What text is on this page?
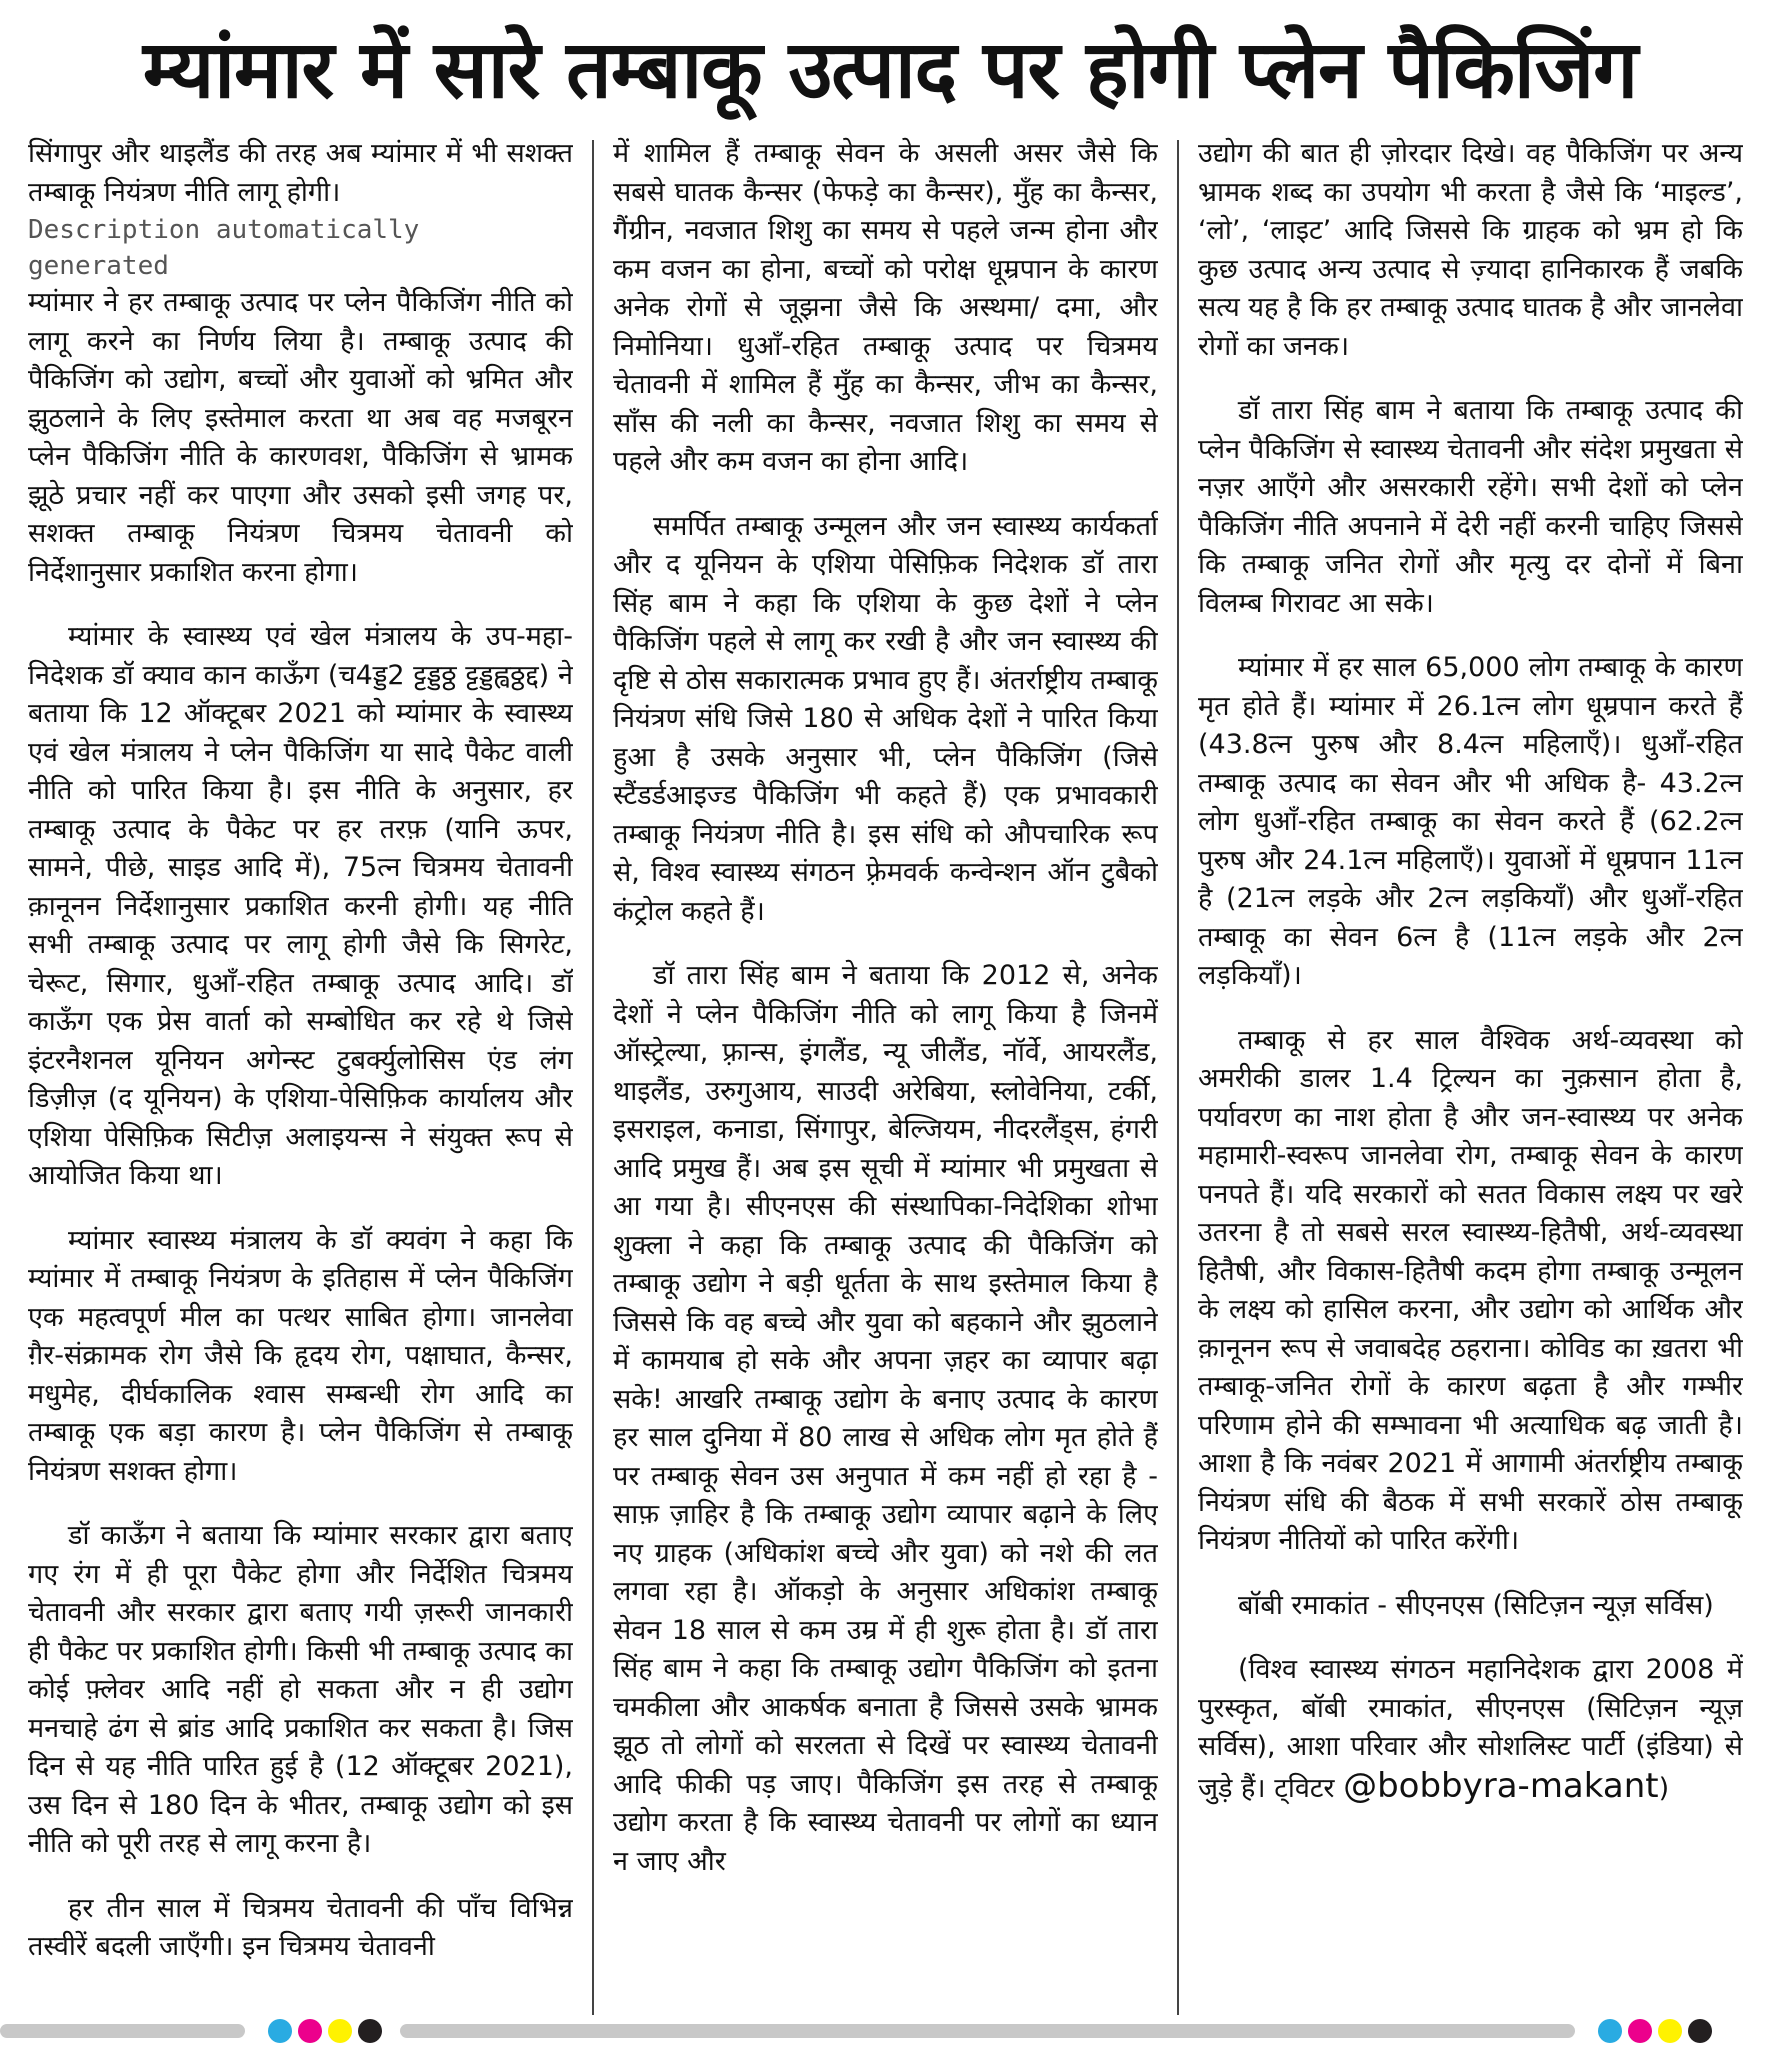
म्यांमार में सारे तम्बाकू उत्पाद पर होगी प्लेन पैकिजिंग

सिंगापुर और थाइलैंड की तरह अब म्यांमार में भी सशक्त तम्बाकू नियंत्रण नीति लागू होगी।

Description automatically generated

म्यांमार ने हर तम्बाकू उत्पाद पर प्लेन पैकिजिंग नीति को लागू करने का निर्णय लिया है। तम्बाकू उत्पाद की पैकिजिंग को उद्योग, बच्चों और युवाओं को भ्रमित और झुठलाने के लिए इस्तेमाल करता था अब वह मजबूरन प्लेन पैकिजिंग नीति के कारणवश, पैकिजिंग से भ्रामक झूठे प्रचार नहीं कर पाएगा और उसको इसी जगह पर, सशक्त तम्बाकू नियंत्रण चित्रमय चेतावनी को निर्देशानुसार प्रकाशित करना होगा।

म्यांमार के स्वास्थ्य एवं खेल मंत्रालय के उप-महा-निदेशक डॉ क्याव कान काऊँग (च4ड्ड2 ट्टड्डठ्ठ ट्टड्डह्वठ्ठद्द) ने बताया कि 12 ऑक्टूबर 2021 को म्यांमार के स्वास्थ्य एवं खेल मंत्रालय ने प्लेन पैकिजिंग या सादे पैकेट वाली नीति को पारित किया है। इस नीति के अनुसार, हर तम्बाकू उत्पाद के पैकेट पर हर तरफ़ (यानि ऊपर, सामने, पीछे, साइड आदि में), 75त्न चित्रमय चेतावनी क़ानूनन निर्देशानुसार प्रकाशित करनी होगी। यह नीति सभी तम्बाकू उत्पाद पर लागू होगी जैसे कि सिगरेट, चेरूट, सिगार, धुआँ-रहित तम्बाकू उत्पाद आदि। डॉ काऊँग एक प्रेस वार्ता को सम्बोधित कर रहे थे जिसे इंटरनैशनल यूनियन अगेन्स्ट टुबर्क्युलोसिस एंड लंग डिज़ीज़ (द यूनियन) के एशिया-पेसिफ़िक कार्यालय और एशिया पेसिफ़िक सिटीज़ अलाइयन्स ने संयुक्त रूप से आयोजित किया था।

म्यांमार स्वास्थ्य मंत्रालय के डॉ क्यवंग ने कहा कि म्यांमार में तम्बाकू नियंत्रण के इतिहास में प्लेन पैकिजिंग एक महत्वपूर्ण मील का पत्थर साबित होगा। जानलेवा ग़ैर-संक्रामक रोग जैसे कि हृदय रोग, पक्षाघात, कैन्सर, मधुमेह, दीर्घकालिक श्वास सम्बन्धी रोग आदि का तम्बाकू एक बड़ा कारण है। प्लेन पैकिजिंग से तम्बाकू नियंत्रण सशक्त होगा।

डॉ काऊँग ने बताया कि म्यांमार सरकार द्वारा बताए गए रंग में ही पूरा पैकेट होगा और निर्देशित चित्रमय चेतावनी और सरकार द्वारा बताए गयी ज़रूरी जानकारी ही पैकेट पर प्रकाशित होगी। किसी भी तम्बाकू उत्पाद का कोई फ़्लेवर आदि नहीं हो सकता और न ही उद्योग मनचाहे ढंग से ब्रांड आदि प्रकाशित कर सकता है। जिस दिन से यह नीति पारित हुई है (12 ऑक्टूबर 2021), उस दिन से 180 दिन के भीतर, तम्बाकू उद्योग को इस नीति को पूरी तरह से लागू करना है।

हर तीन साल में चित्रमय चेतावनी की पाँच विभिन्न तस्वीरें बदली जाएँगी। इन चित्रमय चेतावनी

में शामिल हैं तम्बाकू सेवन के असली असर जैसे कि सबसे घातक कैन्सर (फेफड़े का कैन्सर), मुँह का कैन्सर, गैंग्रीन, नवजात शिशु का समय से पहले जन्म होना और कम वजन का होना, बच्चों को परोक्ष धूम्रपान के कारण अनेक रोगों से जूझना जैसे कि अस्थमा/ दमा, और निमोनिया। धुआँ-रहित तम्बाकू उत्पाद पर चित्रमय चेतावनी में शामिल हैं मुँह का कैन्सर, जीभ का कैन्सर, साँस की नली का कैन्सर, नवजात शिशु का समय से पहले और कम वजन का होना आदि।

समर्पित तम्बाकू उन्मूलन और जन स्वास्थ्य कार्यकर्ता और द यूनियन के एशिया पेसिफ़िक निदेशक डॉ तारा सिंह बाम ने कहा कि एशिया के कुछ देशों ने प्लेन पैकिजिंग पहले से लागू कर रखी है और जन स्वास्थ्य की दृष्टि से ठोस सकारात्मक प्रभाव हुए हैं। अंतर्राष्ट्रीय तम्बाकू नियंत्रण संधि जिसे 180 से अधिक देशों ने पारित किया हुआ है उसके अनुसार भी, प्लेन पैकिजिंग (जिसे स्टैंडर्डआइज्ड पैकिजिंग भी कहते हैं) एक प्रभावकारी तम्बाकू नियंत्रण नीति है। इस संधि को औपचारिक रूप से, विश्व स्वास्थ्य संगठन फ़्रेमवर्क कन्वेन्शन ऑन टुबैको कंट्रोल कहते हैं।

डॉ तारा सिंह बाम ने बताया कि 2012 से, अनेक देशों ने प्लेन पैकिजिंग नीति को लागू किया है जिनमें ऑस्ट्रेल्या, फ़्रान्स, इंगलैंड, न्यू जीलैंड, नॉर्वे, आयरलैंड, थाइलैंड, उरुगुआय, साउदी अरेबिया, स्लोवेनिया, टर्की, इसराइल, कनाडा, सिंगापुर, बेल्जियम, नीदरलैंड्स, हंगरी आदि प्रमुख हैं। अब इस सूची में म्यांमार भी प्रमुखता से आ गया है। सीएनएस की संस्थापिका-निदेशिका शोभा शुक्ला ने कहा कि तम्बाकू उत्पाद की पैकिजिंग को तम्बाकू उद्योग ने बड़ी धूर्तता के साथ इस्तेमाल किया है जिससे कि वह बच्चे और युवा को बहकाने और झुठलाने में कामयाब हो सके और अपना ज़हर का व्यापार बढ़ा सके! आखरि तम्बाकू उद्योग के बनाए उत्पाद के कारण हर साल दुनिया में 80 लाख से अधिक लोग मृत होते हैं पर तम्बाकू सेवन उस अनुपात में कम नहीं हो रहा है - साफ़ ज़ाहिर है कि तम्बाकू उद्योग व्यापार बढ़ाने के लिए नए ग्राहक (अधिकांश बच्चे और युवा) को नशे की लत लगवा रहा है। ऑकड़ो के अनुसार अधिकांश तम्बाकू सेवन 18 साल से कम उम्र में ही शुरू होता है। डॉ तारा सिंह बाम ने कहा कि तम्बाकू उद्योग पैकिजिंग को इतना चमकीला और आकर्षक बनाता है जिससे उसके भ्रामक झूठ तो लोगों को सरलता से दिखें पर स्वास्थ्य चेतावनी आदि फीकी पड़ जाए। पैकिजिंग इस तरह से तम्बाकू उद्योग करता है कि स्वास्थ्य चेतावनी पर लोगों का ध्यान न जाए और

उद्योग की बात ही ज़ोरदार दिखे। वह पैकिजिंग पर अन्य भ्रामक शब्द का उपयोग भी करता है जैसे कि ‘माइल्ड’, ‘लो’, ‘लाइट’ आदि जिससे कि ग्राहक को भ्रम हो कि कुछ उत्पाद अन्य उत्पाद से ज़्यादा हानिकारक हैं जबकि सत्य यह है कि हर तम्बाकू उत्पाद घातक है और जानलेवा रोगों का जनक।

डॉ तारा सिंह बाम ने बताया कि तम्बाकू उत्पाद की प्लेन पैकिजिंग से स्वास्थ्य चेतावनी और संदेश प्रमुखता से नज़र आएँगे और असरकारी रहेंगे। सभी देशों को प्लेन पैकिजिंग नीति अपनाने में देरी नहीं करनी चाहिए जिससे कि तम्बाकू जनित रोगों और मृत्यु दर दोनों में बिना विलम्ब गिरावट आ सके।

म्यांमार में हर साल 65,000 लोग तम्बाकू के कारण मृत होते हैं। म्यांमार में 26.1त्न लोग धूम्रपान करते हैं (43.8त्न पुरुष और 8.4त्न महिलाएँ)। धुआँ-रहित तम्बाकू उत्पाद का सेवन और भी अधिक है- 43.2त्न लोग धुआँ-रहित तम्बाकू का सेवन करते हैं (62.2त्न पुरुष और 24.1त्न महिलाएँ)। युवाओं में धूम्रपान 11त्न है (21त्न लड़के और 2त्न लड़कियाँ) और धुआँ-रहित तम्बाकू का सेवन 6त्न है (11त्न लड़के और 2त्न लड़कियाँ)।

तम्बाकू से हर साल वैश्विक अर्थ-व्यवस्था को अमरीकी डालर 1.4 ट्रिल्यन का नुक़सान होता है, पर्यावरण का नाश होता है और जन-स्वास्थ्य पर अनेक महामारी-स्वरूप जानलेवा रोग, तम्बाकू सेवन के कारण पनपते हैं। यदि सरकारों को सतत विकास लक्ष्य पर खरे उतरना है तो सबसे सरल स्वास्थ्य-हितैषी, अर्थ-व्यवस्था हितैषी, और विकास-हितैषी कदम होगा तम्बाकू उन्मूलन के लक्ष्य को हासिल करना, और उद्योग को आर्थिक और क़ानूनन रूप से जवाबदेह ठहराना। कोविड का ख़तरा भी तम्बाकू-जनित रोगों के कारण बढ़ता है और गम्भीर परिणाम होने की सम्भावना भी अत्याधिक बढ़ जाती है। आशा है कि नवंबर 2021 में आगामी अंतर्राष्ट्रीय तम्बाकू नियंत्रण संधि की बैठक में सभी सरकारें ठोस तम्बाकू नियंत्रण नीतियों को पारित करेंगी।

बॉबी रमाकांत - सीएनएस (सिटिज़न न्यूज़ सर्विस)

(विश्व स्वास्थ्य संगठन महानिदेशक द्वारा 2008 में पुरस्कृत, बॉबी रमाकांत, सीएनएस (सिटिज़न न्यूज़ सर्विस), आशा परिवार और सोशलिस्ट पार्टी (इंडिया) से जुड़े हैं। ट्विटर @bobbyra-makant)
